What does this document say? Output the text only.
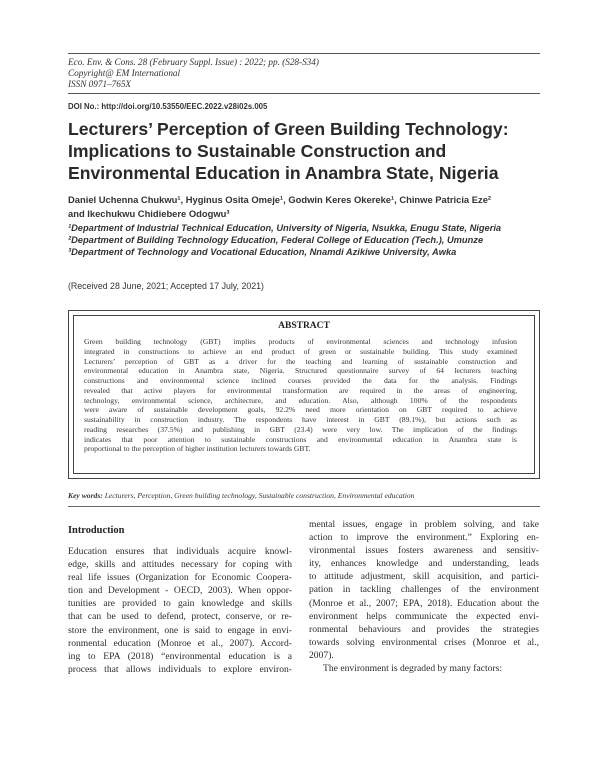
Eco. Env. & Cons. 28 (February Suppl. Issue) : 2022; pp. (S28-S34)
Copyright@ EM International
ISSN 0971–765X
DOI No.: http://doi.org/10.53550/EEC.2022.v28i02s.005
Lecturers’ Perception of Green Building Technology:
Implications to Sustainable Construction and
Environmental Education in Anambra State, Nigeria
Daniel Uchenna Chukwu¹, Hyginus Osita Omeje¹, Godwin Keres Okereke¹, Chinwe Patricia Eze²
and Ikechukwu Chidiebere Odogwu³
¹Department of Industrial Technical Education, University of Nigeria, Nsukka, Enugu State, Nigeria
²Department of Building Technology Education, Federal College of Education (Tech.), Umunze
³Department of Technology and Vocational Education, Nnamdi Azikiwe University, Awka
(Received 28 June, 2021; Accepted 17 July, 2021)
ABSTRACT
Green building technology (GBT) implies products of environmental sciences and technology infusion
integrated in constructions to achieve an end product of green or sustainable building. This study examined
Lecturers’ perception of GBT as a driver for the teaching and learning of sustainable construction and
environmental education in Anambra state, Nigeria. Structured questionnaire survey of 64 lecturers teaching
constructions and environmental science inclined courses provided the data for the analysis. Findings
revealed that active players for environmental transformation are required in the areas of engineering,
technology, environmental science, architecture, and education. Also, although 100% of the respondents
were aware of sustainable development goals, 92.2% need more orientation on GBT required to achieve
sustainability in construction industry. The respondents have interest in GBT (89.1%), but actions such as
reading researches (37.5%) and publishing in GBT (23.4) were very low. The implication of the findings
indicates that poor attention to sustainable constructions and environmental education in Anambra state is
proportional to the perception of higher institution lecturers towards GBT.
Key words: Lecturers, Perception, Green building technology, Sustainable construction, Environmental education
Introduction
Education ensures that individuals acquire knowl-
edge, skills and attitudes necessary for coping with
real life issues (Organization for Economic Coopera-
tion and Development - OECD, 2003). When oppor-
tunities are provided to gain knowledge and skills
that can be used to defend, protect, conserve, or re-
store the environment, one is said to engage in envi-
ronmental education (Monroe et al., 2007). Accord-
ing to EPA (2018) “environmental education is a
process that allows individuals to explore environ-
mental issues, engage in problem solving, and take
action to improve the environment.” Exploring en-
vironmental issues fosters awareness and sensitiv-
ity, enhances knowledge and understanding, leads
to attitude adjustment, skill acquisition, and partici-
pation in tackling challenges of the environment
(Monroe et al., 2007; EPA, 2018). Education about the
environment helps communicate the expected envi-
ronmental behaviours and provides the strategies
towards solving environmental crises (Monroe et al.,
2007).
The environment is degraded by many factors:
